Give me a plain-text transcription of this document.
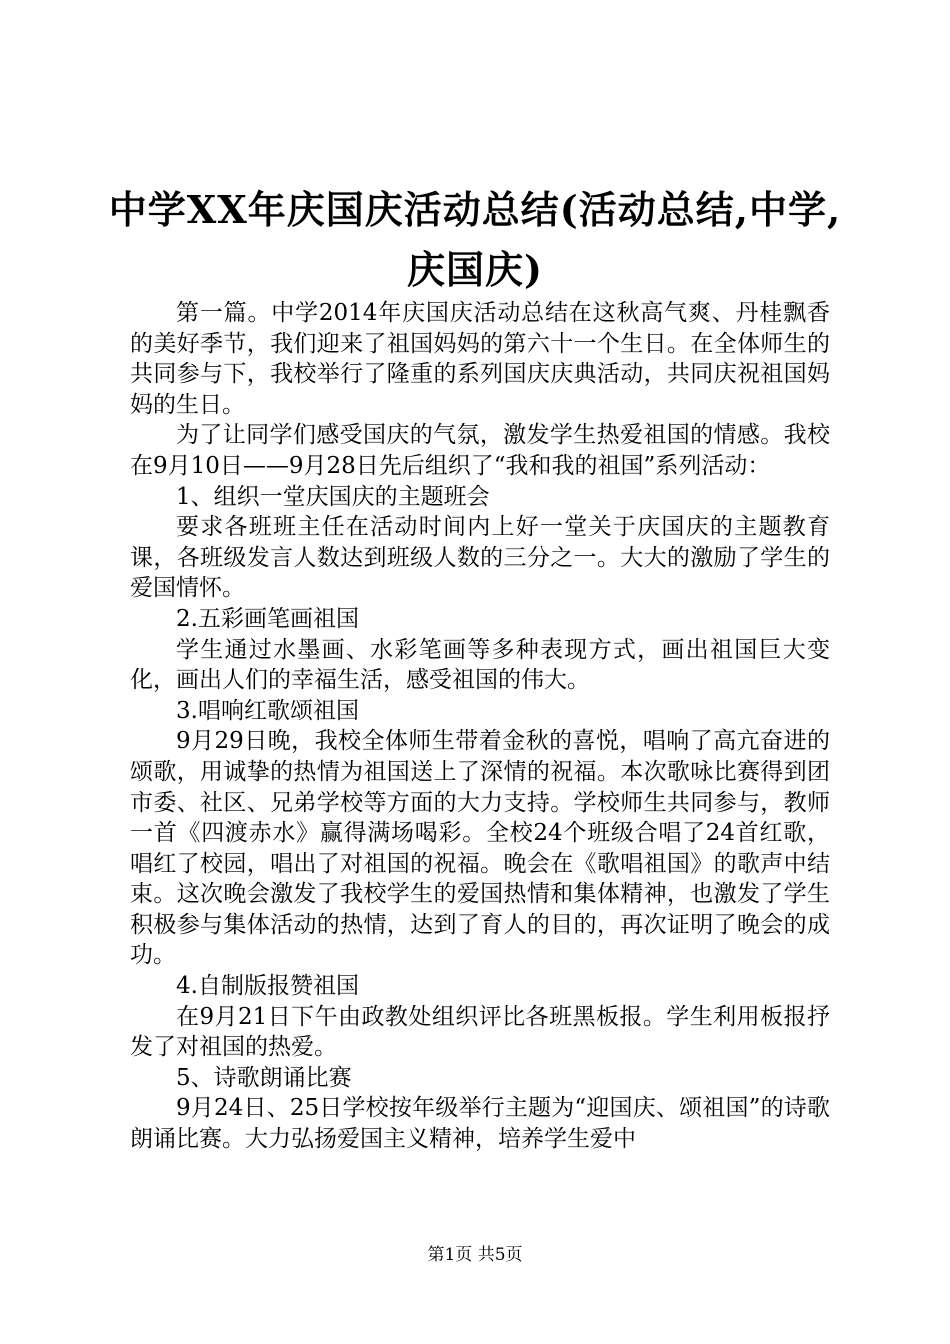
中学XX年庆国庆活动总结(活动总结,中学,庆国庆)

第一篇。中学2014年庆国庆活动总结在这秋高气爽、丹桂飘香的美好季节，我们迎来了祖国妈妈的第六十一个生日。在全体师生的共同参与下，我校举行了隆重的系列国庆庆典活动，共同庆祝祖国妈妈的生日。

为了让同学们感受国庆的气氛，激发学生热爱祖国的情感。我校在9月10日——9月28日先后组织了“我和我的祖国”系列活动：

1、组织一堂庆国庆的主题班会

要求各班班主任在活动时间内上好一堂关于庆国庆的主题教育课，各班级发言人数达到班级人数的三分之一。大大的激励了学生的爱国情怀。

2.五彩画笔画祖国

学生通过水墨画、水彩笔画等多种表现方式，画出祖国巨大变化，画出人们的幸福生活，感受祖国的伟大。

3.唱响红歌颂祖国

9月29日晚，我校全体师生带着金秋的喜悦，唱响了高亢奋进的颂歌，用诚挚的热情为祖国送上了深情的祝福。本次歌咏比赛得到团市委、社区、兄弟学校等方面的大力支持。学校师生共同参与，教师一首《四渡赤水》赢得满场喝彩。全校24个班级合唱了24首红歌，唱红了校园，唱出了对祖国的祝福。晚会在《歌唱祖国》的歌声中结束。这次晚会激发了我校学生的爱国热情和集体精神，也激发了学生积极参与集体活动的热情，达到了育人的目的，再次证明了晚会的成功。

4.自制版报赞祖国

在9月21日下午由政教处组织评比各班黑板报。学生利用板报抒发了对祖国的热爱。

5、诗歌朗诵比赛

9月24日、25日学校按年级举行主题为“迎国庆、颂祖国”的诗歌朗诵比赛。大力弘扬爱国主义精神，培养学生爱中

第1页 共5页
